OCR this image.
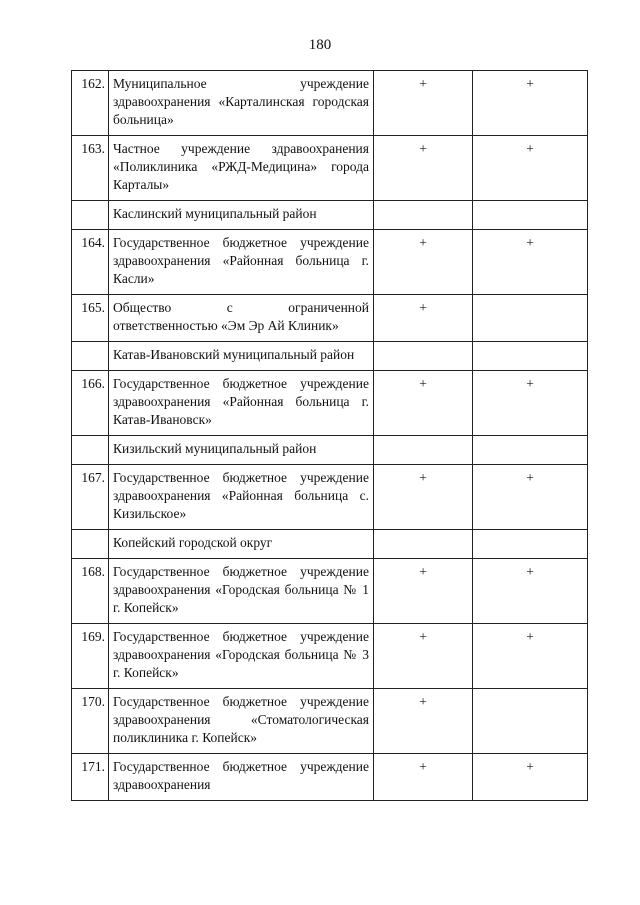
180
162.	Муниципальное учреждение здравоохранения «Карталинская городская больница»	+	+
163.	Частное учреждение здравоохранения «Поликлиника «РЖД-Медицина» города Карталы»	+	+
	Каслинский муниципальный район		
164.	Государственное бюджетное учреждение здравоохранения «Районная больница г. Касли»	+	+
165.	Общество с ограниченной ответственностью «Эм Эр Ай Клиник»	+	
	Катав-Ивановский муниципальный район		
166.	Государственное бюджетное учреждение здравоохранения «Районная больница г. Катав-Ивановск»	+	+
	Кизильский муниципальный район		
167.	Государственное бюджетное учреждение здравоохранения «Районная больница с. Кизильское»	+	+
	Копейский городской округ		
168.	Государственное бюджетное учреждение здравоохранения «Городская больница № 1 г. Копейск»	+	+
169.	Государственное бюджетное учреждение здравоохранения «Городская больница № 3 г. Копейск»	+	+
170.	Государственное бюджетное учреждение здравоохранения «Стоматологическая поликлиника г. Копейск»	+	
171.	Государственное бюджетное учреждение здравоохранения	+	+
